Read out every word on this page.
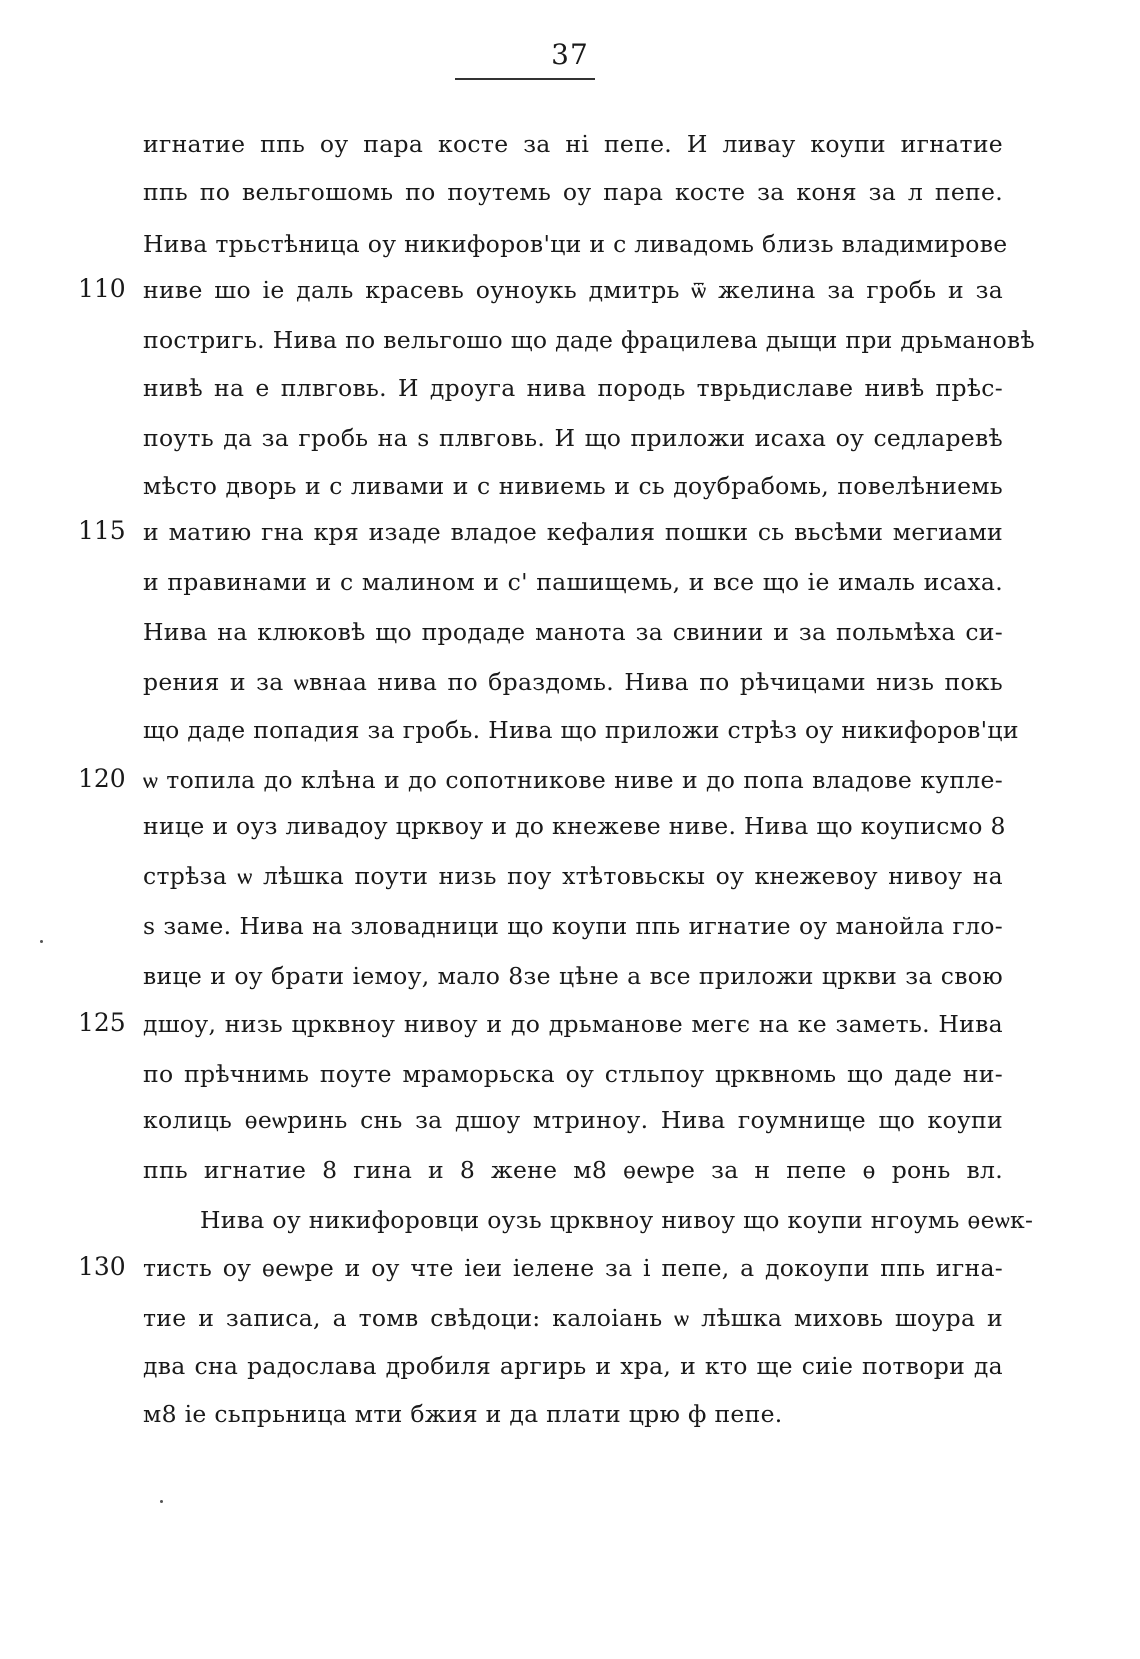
37
игнатие ппь оу пара косте за ні пепе. И ливау коупи игнатие
ппь по вельгошомь по поутемь оу пара косте за коня за л пепе.
Нива трьстѣница оу никифоров'ци и с ливадомь близь владимирове
110 ниве шо іе даль красевь оуноукь дмитрь ѿ желина за гробь и за
постригь. Нива по вельгошо що даде фрацилева дыщи при дрьмановѣ
нивѣ на е плвговь. И дроуга нива породь тврьдиславе нивѣ прѣс-
поуть да за гробь на ѕ плвговь. И що приложи исаха оу седларевѣ
мѣсто дворь и с ливами и с нивиемь и сь доубрабомь, повелѣниемь
115 и матию гна кря изаде владое кефалия пошки сь вьсѣми мегиами
и правинами и с малином и с' пашищемь, и все що іе ималь исаха.
Нива на клюковѣ що продаде манота за свинии и за польмѣха си-
рения и за ѡвнаа нива по браздомь. Нива по рѣчицами низь покь
що даде попадия за гробь. Нива що приложи стрѣз оу никифоров'ци
120 ѡ топила до клѣна и до сопотникове ниве и до попа владове купле-
нице и оуз ливадоу црквоу и до кнежеве ниве. Нива що коуписмо 8
стрѣза ѡ лѣшка поути низь поу хтѣтовьскы оу кнежевоу нивоу на
ѕ заме. Нива на зловадници що коупи ппь игнатие оу манойла гло-
вице и оу брати іемоу, мало 8зе цѣне а все приложи цркви за свою
125 дшоу, низь црквноу нивоу и до дрьманове мегє на ке заметь. Нива
по прѣчнимь поуте мраморьска оу стльпоу црквномь що даде ни-
колиць ѳеѡринь снь за дшоу мтриноу. Нива гоумнище що коупи
ппь игнатие 8 гина и 8 жене м8 ѳеѡре за н пепе ѳ ронь вл.
Нива оу никифоровци оузь црквноу нивоу що коупи нгоумь ѳеѡк-
130 тисть оу ѳеѡре и оу чте іеи іелене за і пепе, а докоупи ппь игна-
тие и записа, а томв свѣдоци: калоіань ѡ лѣшка миховь шоура и
два сна радослава дробиля аргирь и хра, и кто ще сиіе потвори да
м8 іе сьпрьница мти бжия и да плати црю ф пепе.
